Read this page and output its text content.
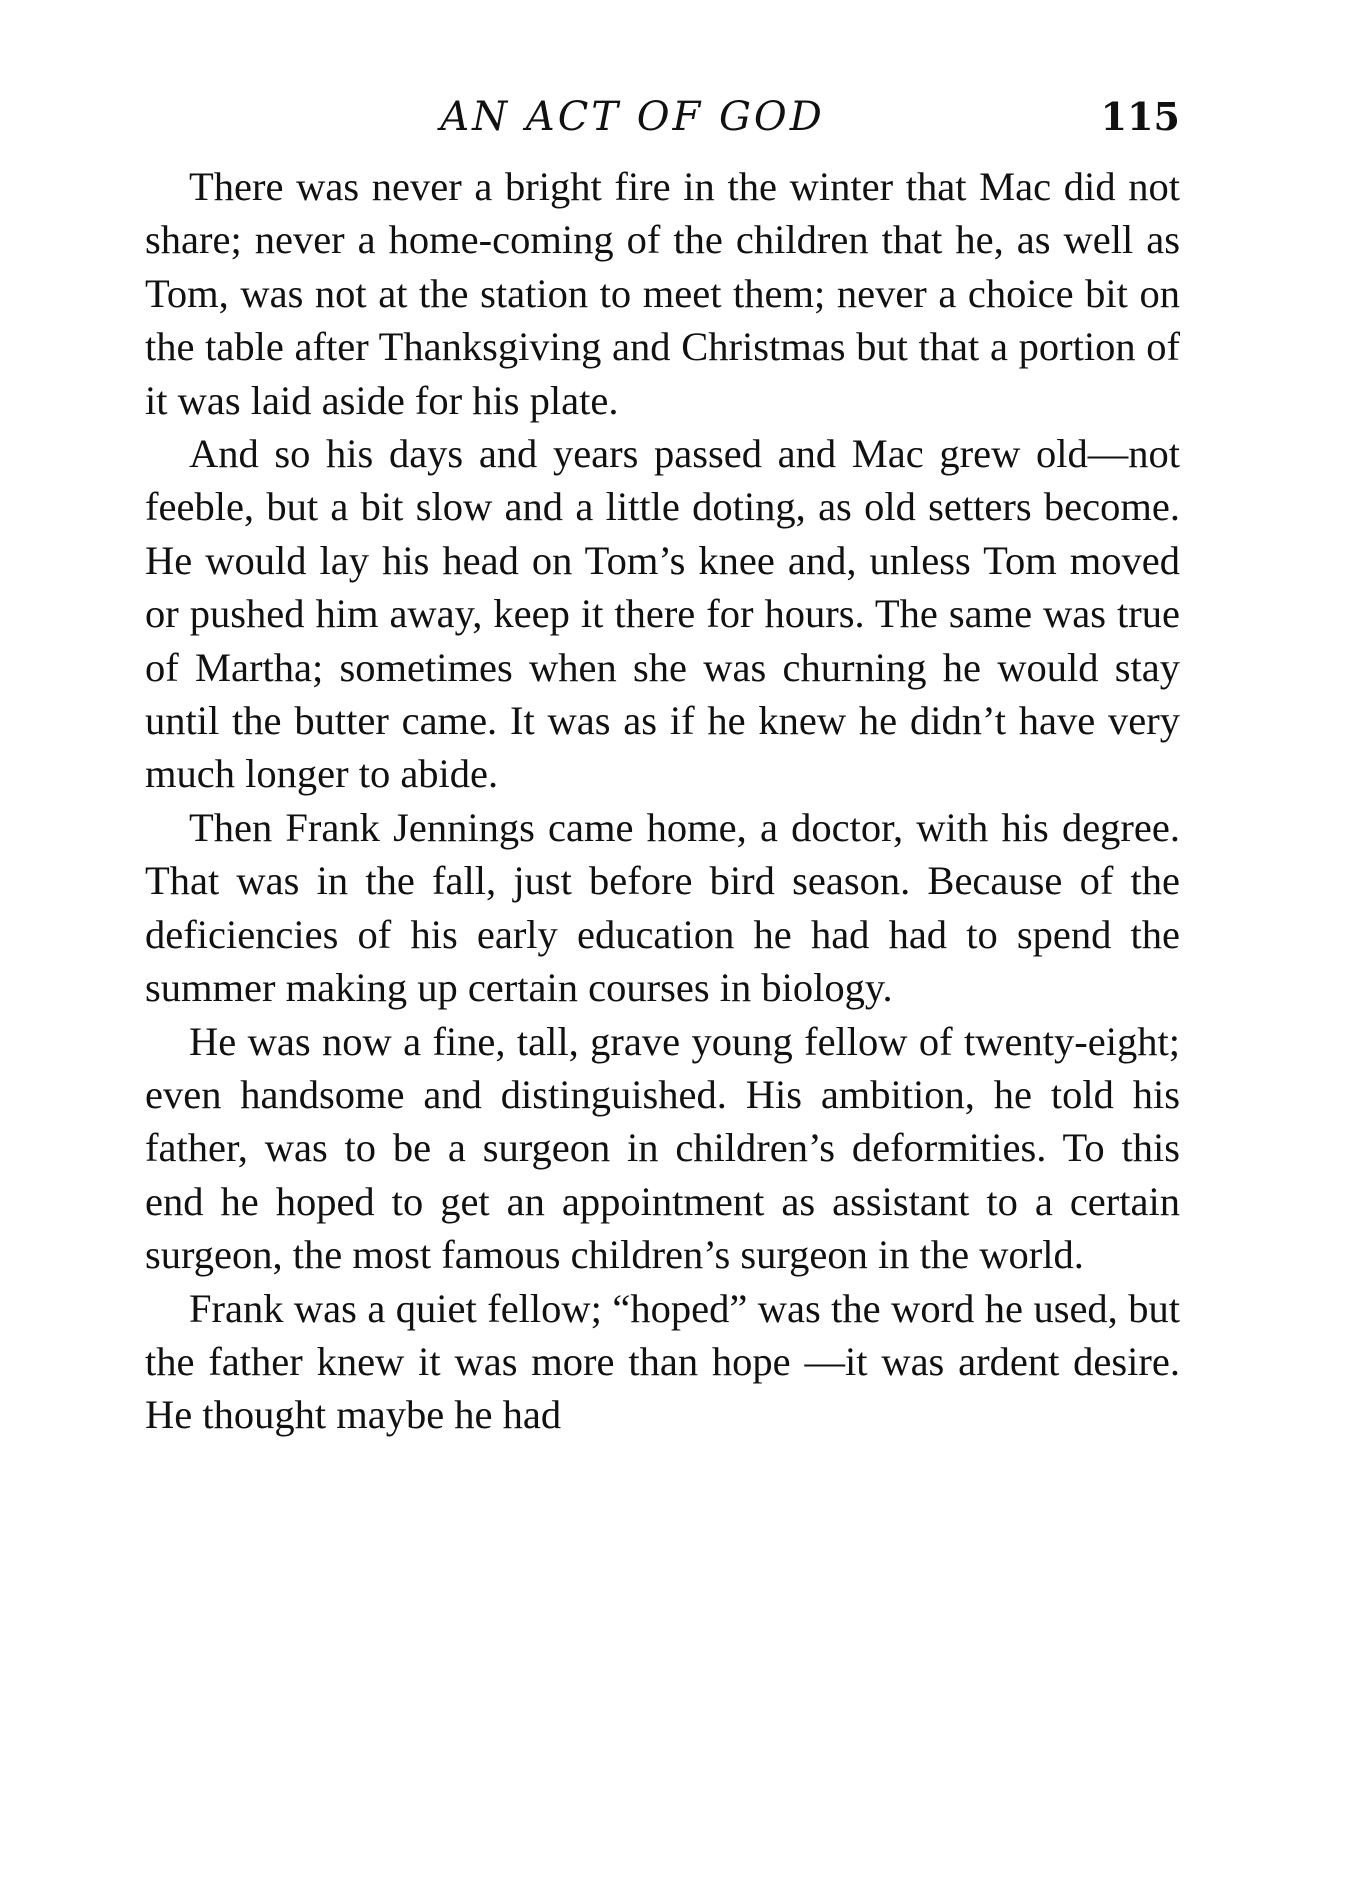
AN ACT OF GOD	115

There was never a bright fire in the winter that Mac did not share; never a home-coming of the children that he, as well as Tom, was not at the station to meet them; never a choice bit on the table after Thanksgiving and Christmas but that a portion of it was laid aside for his plate.

And so his days and years passed and Mac grew old—not feeble, but a bit slow and a little doting, as old setters become. He would lay his head on Tom’s knee and, unless Tom moved or pushed him away, keep it there for hours. The same was true of Martha; sometimes when she was churning he would stay until the butter came. It was as if he knew he didn’t have very much longer to abide.

Then Frank Jennings came home, a doctor, with his degree. That was in the fall, just before bird season. Because of the deficiencies of his early education he had had to spend the summer making up certain courses in biology.

He was now a fine, tall, grave young fellow of twenty-eight; even handsome and distinguished. His ambition, he told his father, was to be a surgeon in children’s deformities. To this end he hoped to get an appointment as assistant to a certain surgeon, the most famous children’s surgeon in the world.

Frank was a quiet fellow; “hoped” was the word he used, but the father knew it was more than hope —it was ardent desire. He thought maybe he had
